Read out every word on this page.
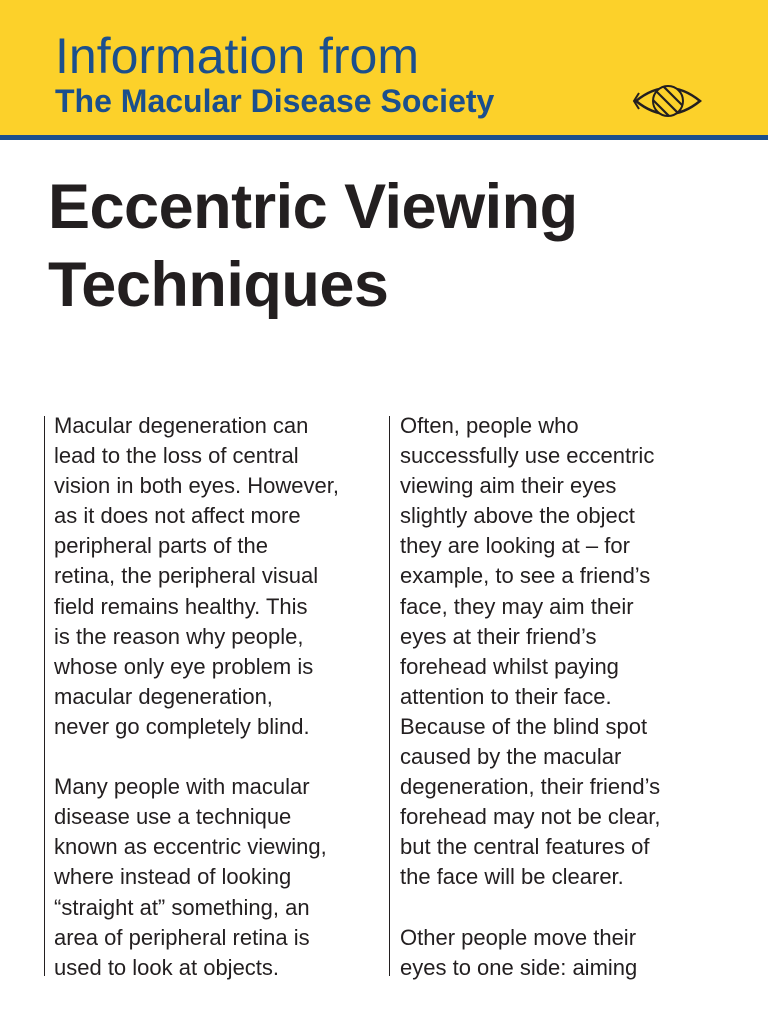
Information from
The Macular Disease Society
Eccentric Viewing
Techniques

Macular degeneration can
lead to the loss of central
vision in both eyes. However,
as it does not affect more
peripheral parts of the
retina, the peripheral visual
field remains healthy. This
is the reason why people,
whose only eye problem is
macular degeneration,
never go completely blind.

Many people with macular
disease use a technique
known as eccentric viewing,
where instead of looking
“straight at” something, an
area of peripheral retina is
used to look at objects.

Often, people who
successfully use eccentric
viewing aim their eyes
slightly above the object
they are looking at – for
example, to see a friend’s
face, they may aim their
eyes at their friend’s
forehead whilst paying
attention to their face.
Because of the blind spot
caused by the macular
degeneration, their friend’s
forehead may not be clear,
but the central features of
the face will be clearer.

Other people move their
eyes to one side: aiming
